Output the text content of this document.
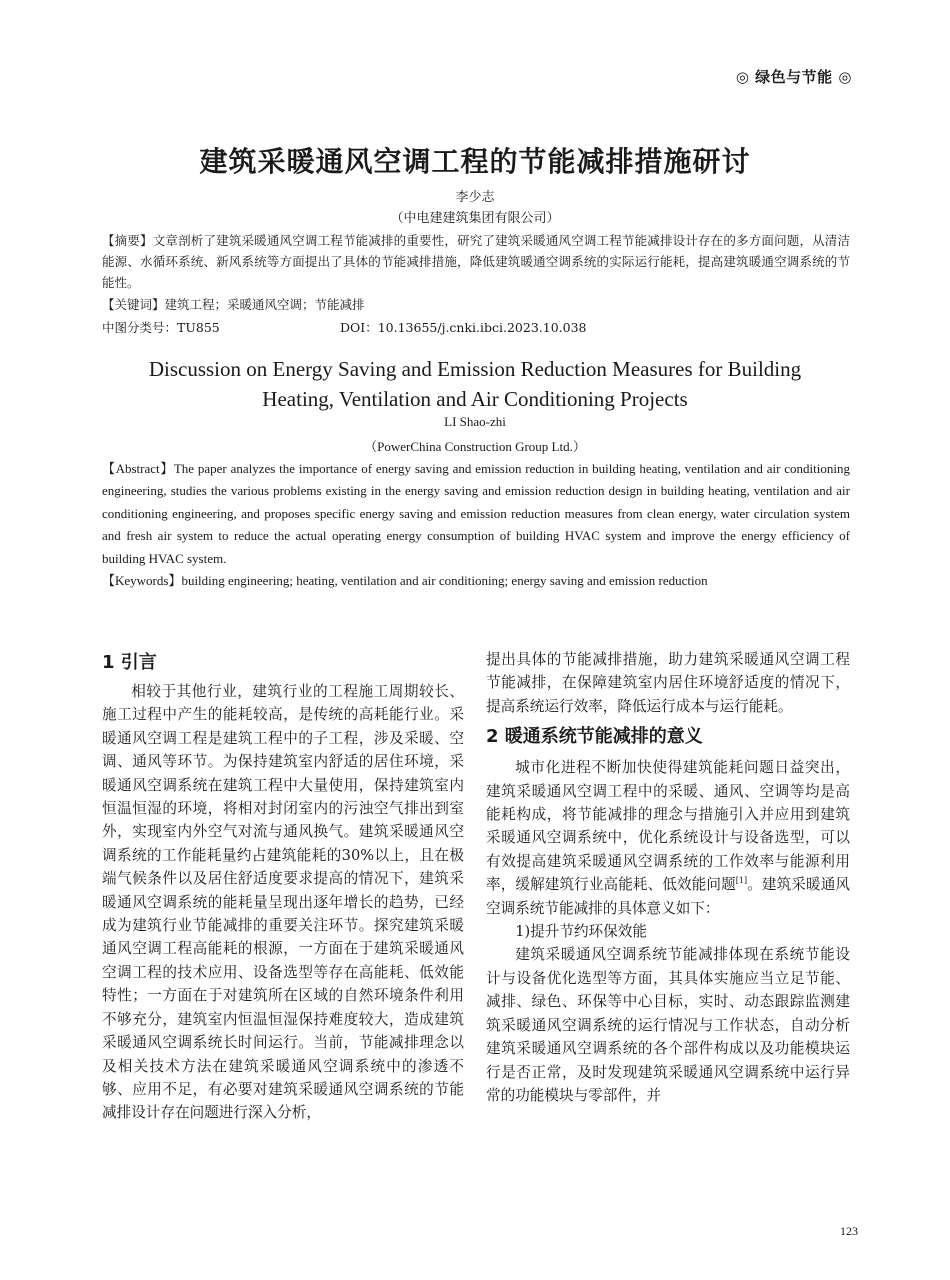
◎ 绿色与节能 ◎
建筑采暖通风空调工程的节能减排措施研讨
李少志
（中电建建筑集团有限公司）
【摘要】文章剖析了建筑采暖通风空调工程节能减排的重要性，研究了建筑采暖通风空调工程节能减排设计存在的多方面问题，从清洁能源、水循环系统、新风系统等方面提出了具体的节能减排措施，降低建筑暖通空调系统的实际运行能耗，提高建筑暖通空调系统的节能性。
【关键词】建筑工程；采暖通风空调；节能减排
中图分类号：TU855	DOI：10.13655/j.cnki.ibci.2023.10.038
Discussion on Energy Saving and Emission Reduction Measures for Building
Heating, Ventilation and Air Conditioning Projects
LI Shao-zhi
（PowerChina Construction Group Ltd.）
【Abstract】The paper analyzes the importance of energy saving and emission reduction in building heating, ventilation and air conditioning engineering, studies the various problems existing in the energy saving and emission reduction design in building heating, ventilation and air conditioning engineering, and proposes specific energy saving and emission reduction measures from clean energy, water circulation system and fresh air system to reduce the actual operating energy consumption of building HVAC system and improve the energy efficiency of building HVAC system.
【Keywords】building engineering; heating, ventilation and air conditioning; energy saving and emission reduction
1 引言

相较于其他行业，建筑行业的工程施工周期较长、施工过程中产生的能耗较高，是传统的高耗能行业。采暖通风空调工程是建筑工程中的子工程，涉及采暖、空调、通风等环节。为保持建筑室内舒适的居住环境，采暖通风空调系统在建筑工程中大量使用，保持建筑室内恒温恒湿的环境，将相对封闭室内的污浊空气排出到室外，实现室内外空气对流与通风换气。建筑采暖通风空调系统的工作能耗量约占建筑能耗的30%以上，且在极端气候条件以及居住舒适度要求提高的情况下，建筑采暖通风空调系统的能耗量呈现出逐年增长的趋势，已经成为建筑行业节能减排的重要关注环节。探究建筑采暖通风空调工程高能耗的根源，一方面在于建筑采暖通风空调工程的技术应用、设备选型等存在高能耗、低效能特性；一方面在于对建筑所在区域的自然环境条件利用不够充分，建筑室内恒温恒湿保持难度较大，造成建筑采暖通风空调系统长时间运行。当前，节能减排理念以及相关技术方法在建筑采暖通风空调系统中的渗透不够、应用不足，有必要对建筑采暖通风空调系统的节能减排设计存在问题进行深入分析，

提出具体的节能减排措施，助力建筑采暖通风空调工程节能减排，在保障建筑室内居住环境舒适度的情况下，提高系统运行效率，降低运行成本与运行能耗。

2 暖通系统节能减排的意义

城市化进程不断加快使得建筑能耗问题日益突出，建筑采暖通风空调工程中的采暖、通风、空调等均是高能耗构成，将节能减排的理念与措施引入并应用到建筑采暖通风空调系统中，优化系统设计与设备选型，可以有效提高建筑采暖通风空调系统的工作效率与能源利用率，缓解建筑行业高能耗、低效能问题[1]。建筑采暖通风空调系统节能减排的具体意义如下：

1)提升节约环保效能

建筑采暖通风空调系统节能减排体现在系统节能设计与设备优化选型等方面，其具体实施应当立足节能、减排、绿色、环保等中心目标，实时、动态跟踪监测建筑采暖通风空调系统的运行情况与工作状态，自动分析建筑采暖通风空调系统的各个部件构成以及功能模块运行是否正常，及时发现建筑采暖通风空调系统中运行异常的功能模块与零部件，并

123
